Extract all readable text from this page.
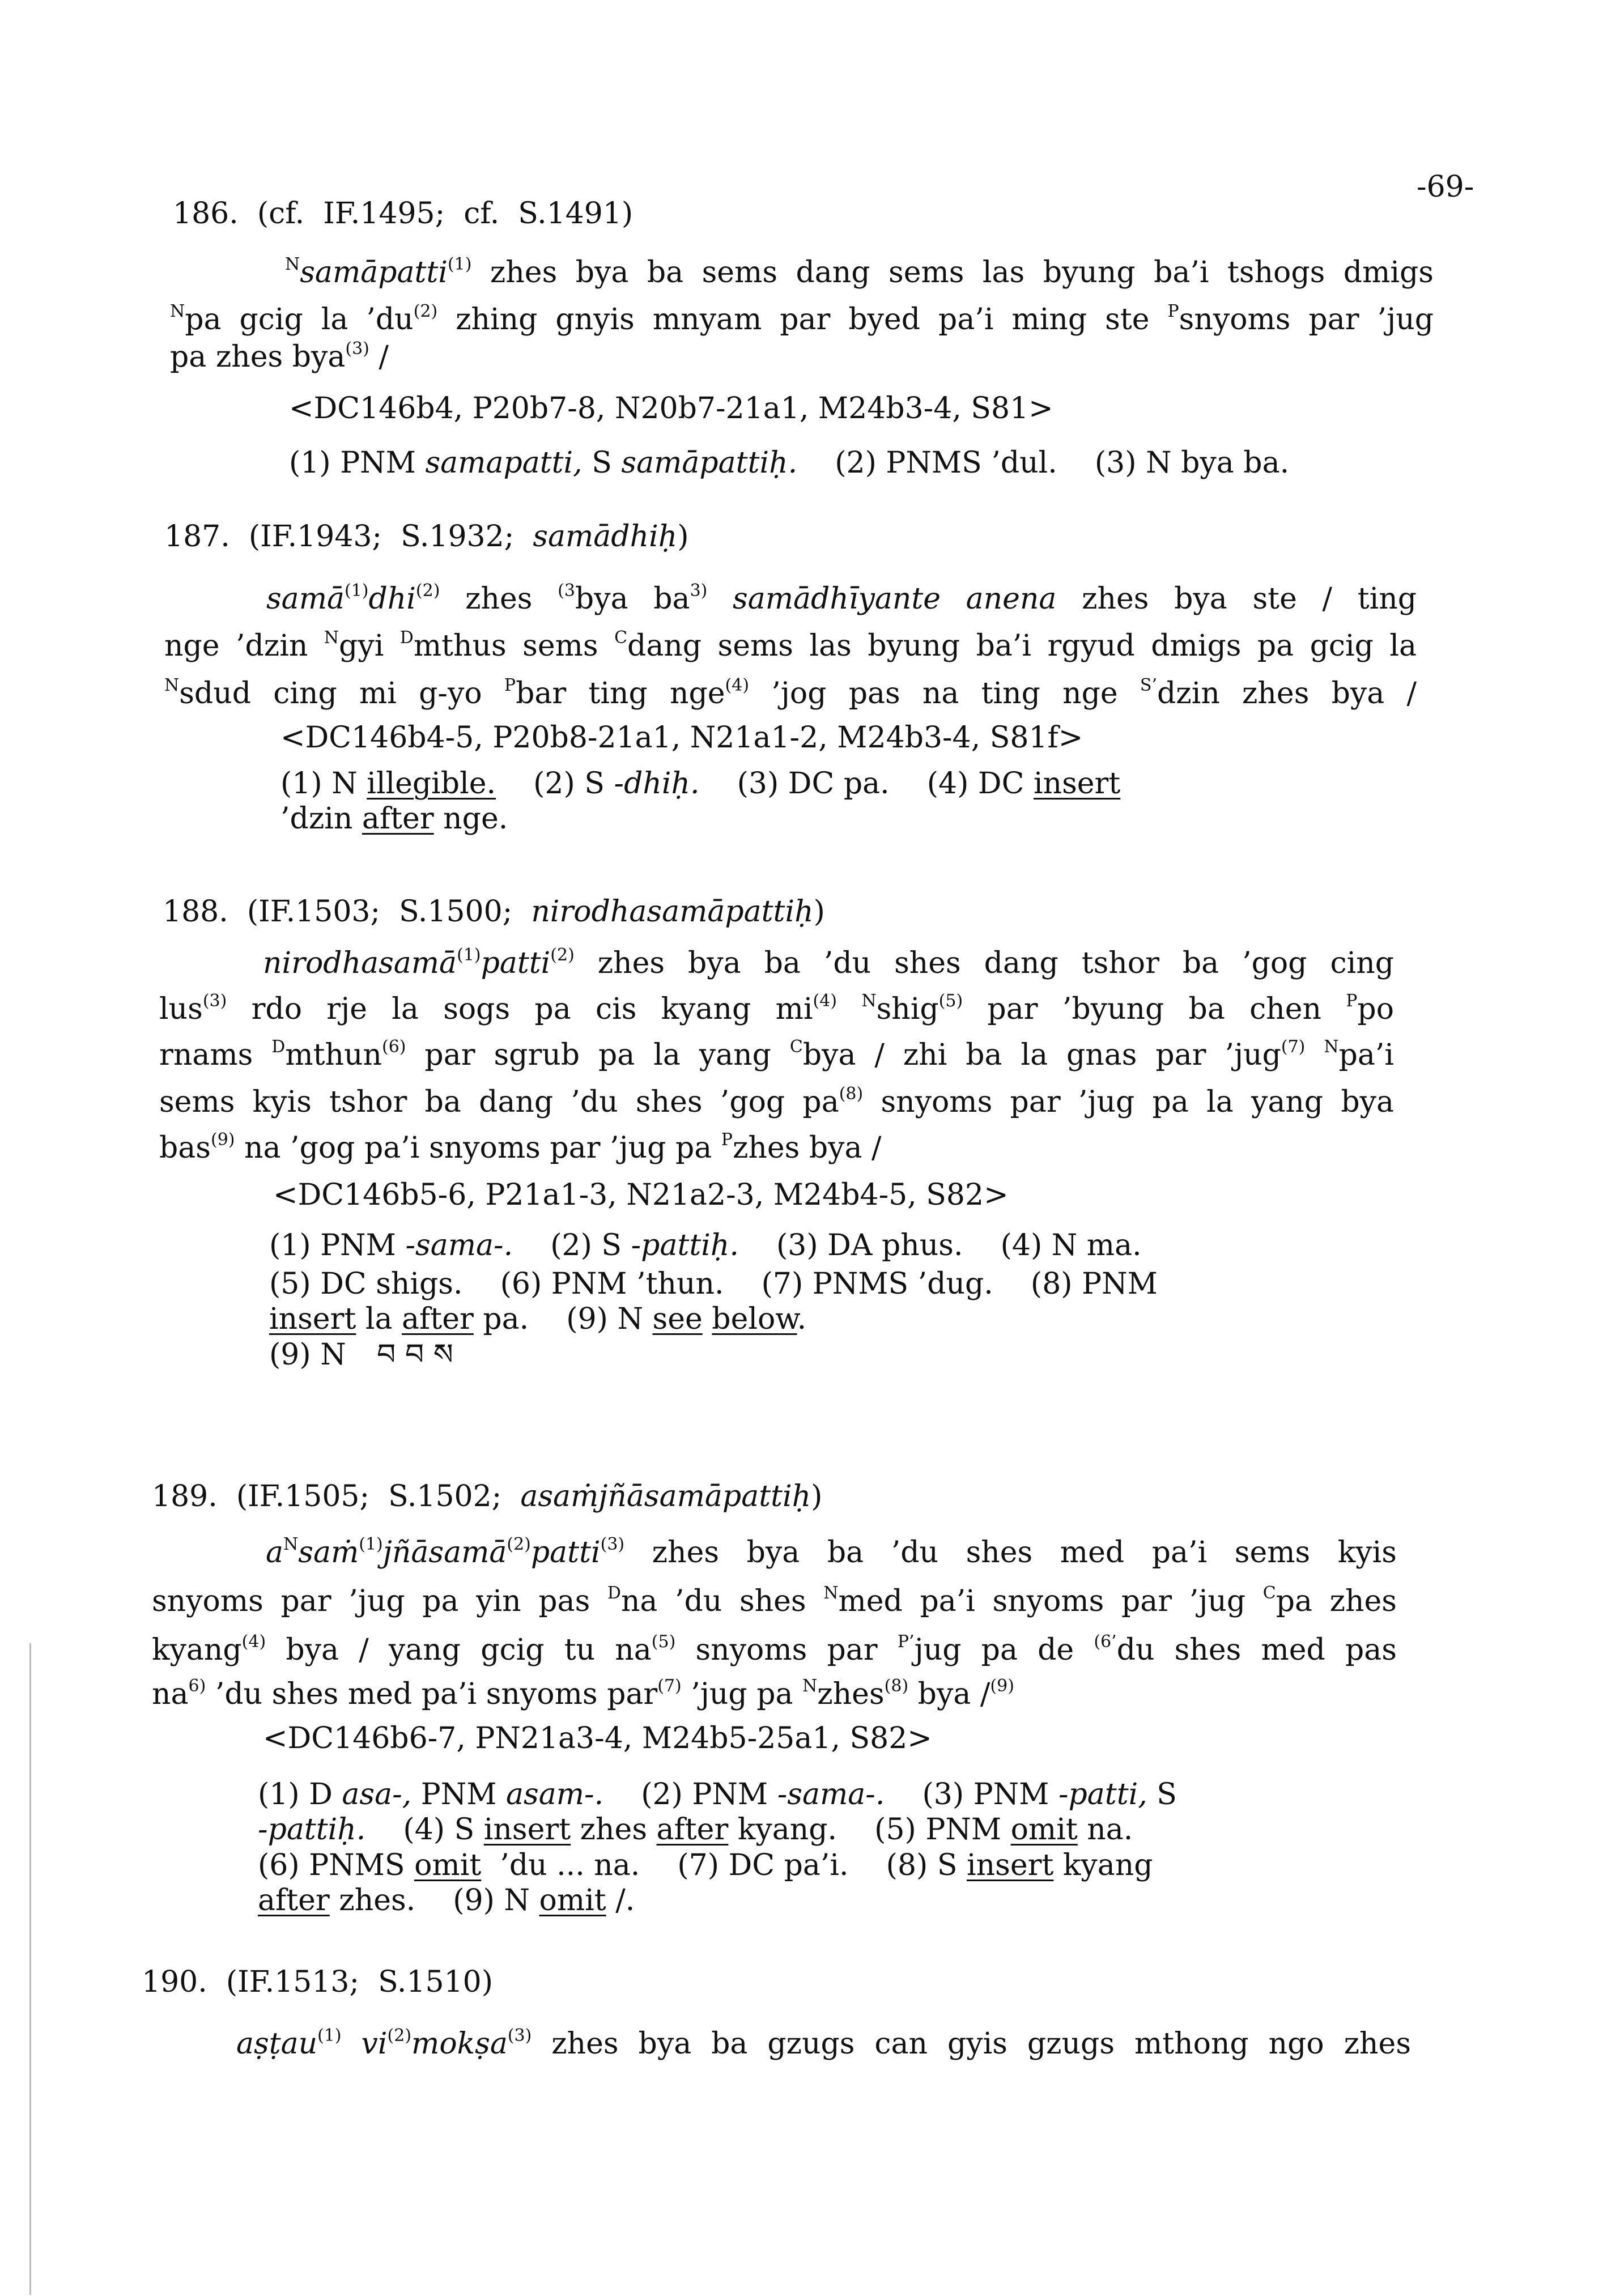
-69-
186.  (cf.  IF.1495;  cf.  S.1491)
$^N$samāpatti$^{(1)}$ zhes bya ba sems dang sems las byung ba’i tshogs dmigs
$^N$pa gcig la $’du^{(2)}$ zhing gnyis mnyam par byed pa’i ming ste $^P$snyoms par ’jug
pa zhes bya$^{(3)}$ /
<DC146b4, P20b7-8, N20b7-21a1, M24b3-4, S81>
(1) PNM samapatti, S samāpattiḥ.    (2) PNMS ’dul.    (3) N bya ba.
187.  (IF.1943;  S.1932;  samādhiḥ)
samā$^{(1)}$dhi$^{(2)}$ zhes $^{(3}$bya $ba^{3)}$ samādhīyante anena zhes bya ste / ting
nge ’dzin $^N$gyi $^D$mthus sems $^C$dang sems las byung ba’i rgyud dmigs pa gcig la
$^N$sdud cing mi g-yo $^P$bar ting nge$^{(4)}$ ’jog pas na ting nge $^{S’}$dzin zhes bya /
<DC146b4-5, P20b8-21a1, N21a1-2, M24b3-4, S81f>
(1) N illegible.    (2) S -dhiḥ.    (3) DC pa.    (4) DC insert
’dzin after nge.
188.  (IF.1503;  S.1500;  nirodhasamāpattiḥ)
nirodhasamā$^{(1)}$patti$^{(2)}$ zhes bya ba ’du shes dang tshor ba ’gog cing
lus$^{(3)}$ rdo rje la sogs pa cis kyang $mi^{(4)}$ $^N$shig$^{(5)}$ par ’byung ba chen $^P$po
rnams $^D$mthun$^{(6)}$ par sgrub pa la yang $^C$bya / zhi ba la gnas par ’jug$^{(7)}$ $^N$pa’i
sems kyis tshor ba dang ’du shes ’gog $pa^{(8)}$ snyoms par ’jug pa la yang bya
bas$^{(9)}$ na ’gog pa’i snyoms par ’jug pa $^P$zhes bya /
<DC146b5-6, P21a1-3, N21a2-3, M24b4-5, S82>
(1) PNM -sama-.    (2) S -pattiḥ.    (3) DA phus.    (4) N ma.
(5) DC shigs.    (6) PNM ’thun.    (7) PNMS ’dug.    (8) PNM
insert la after pa.    (9) N see below.
(9) N
189.  (IF.1505;  S.1502;  asaṁjñāsamāpattiḥ)
$a^Nsaṁ^{(1)}jñāsamā^{(2)}patti^{(3)}$ zhes bya ba ’du shes med pa’i sems kyis
snyoms par ’jug pa yin pas $^D$na ’du shes $^N$med pa’i snyoms par ’jug $^C$pa zhes
kyang$^{(4)}$ bya / yang gcig tu $na^{(5)}$ snyoms par $^{P’}$jug pa de $^{(6’}$du shes med pas
$na^{6)}$ ’du shes med pa’i snyoms par$^{(7)}$ ’jug pa $^N$zhes$^{(8)}$ bya /$^{(9)}$
<DC146b6-7, PN21a3-4, M24b5-25a1, S82>
(1) D asa-, PNM asam-.    (2) PNM -sama-.    (3) PNM -patti, S
-pattiḥ.    (4) S insert zhes after kyang.    (5) PNM omit na.
(6) PNMS omit  ’du ... na.    (7) DC pa’i.    (8) S insert kyang
after zhes.    (9) N omit /.
190.  (IF.1513;  S.1510)
aṣṭau$^{(1)}$ $vi^{(2)}mokṣa^{(3)}$ zhes bya ba gzugs can gyis gzugs mthong ngo zhes
བ བ ས
